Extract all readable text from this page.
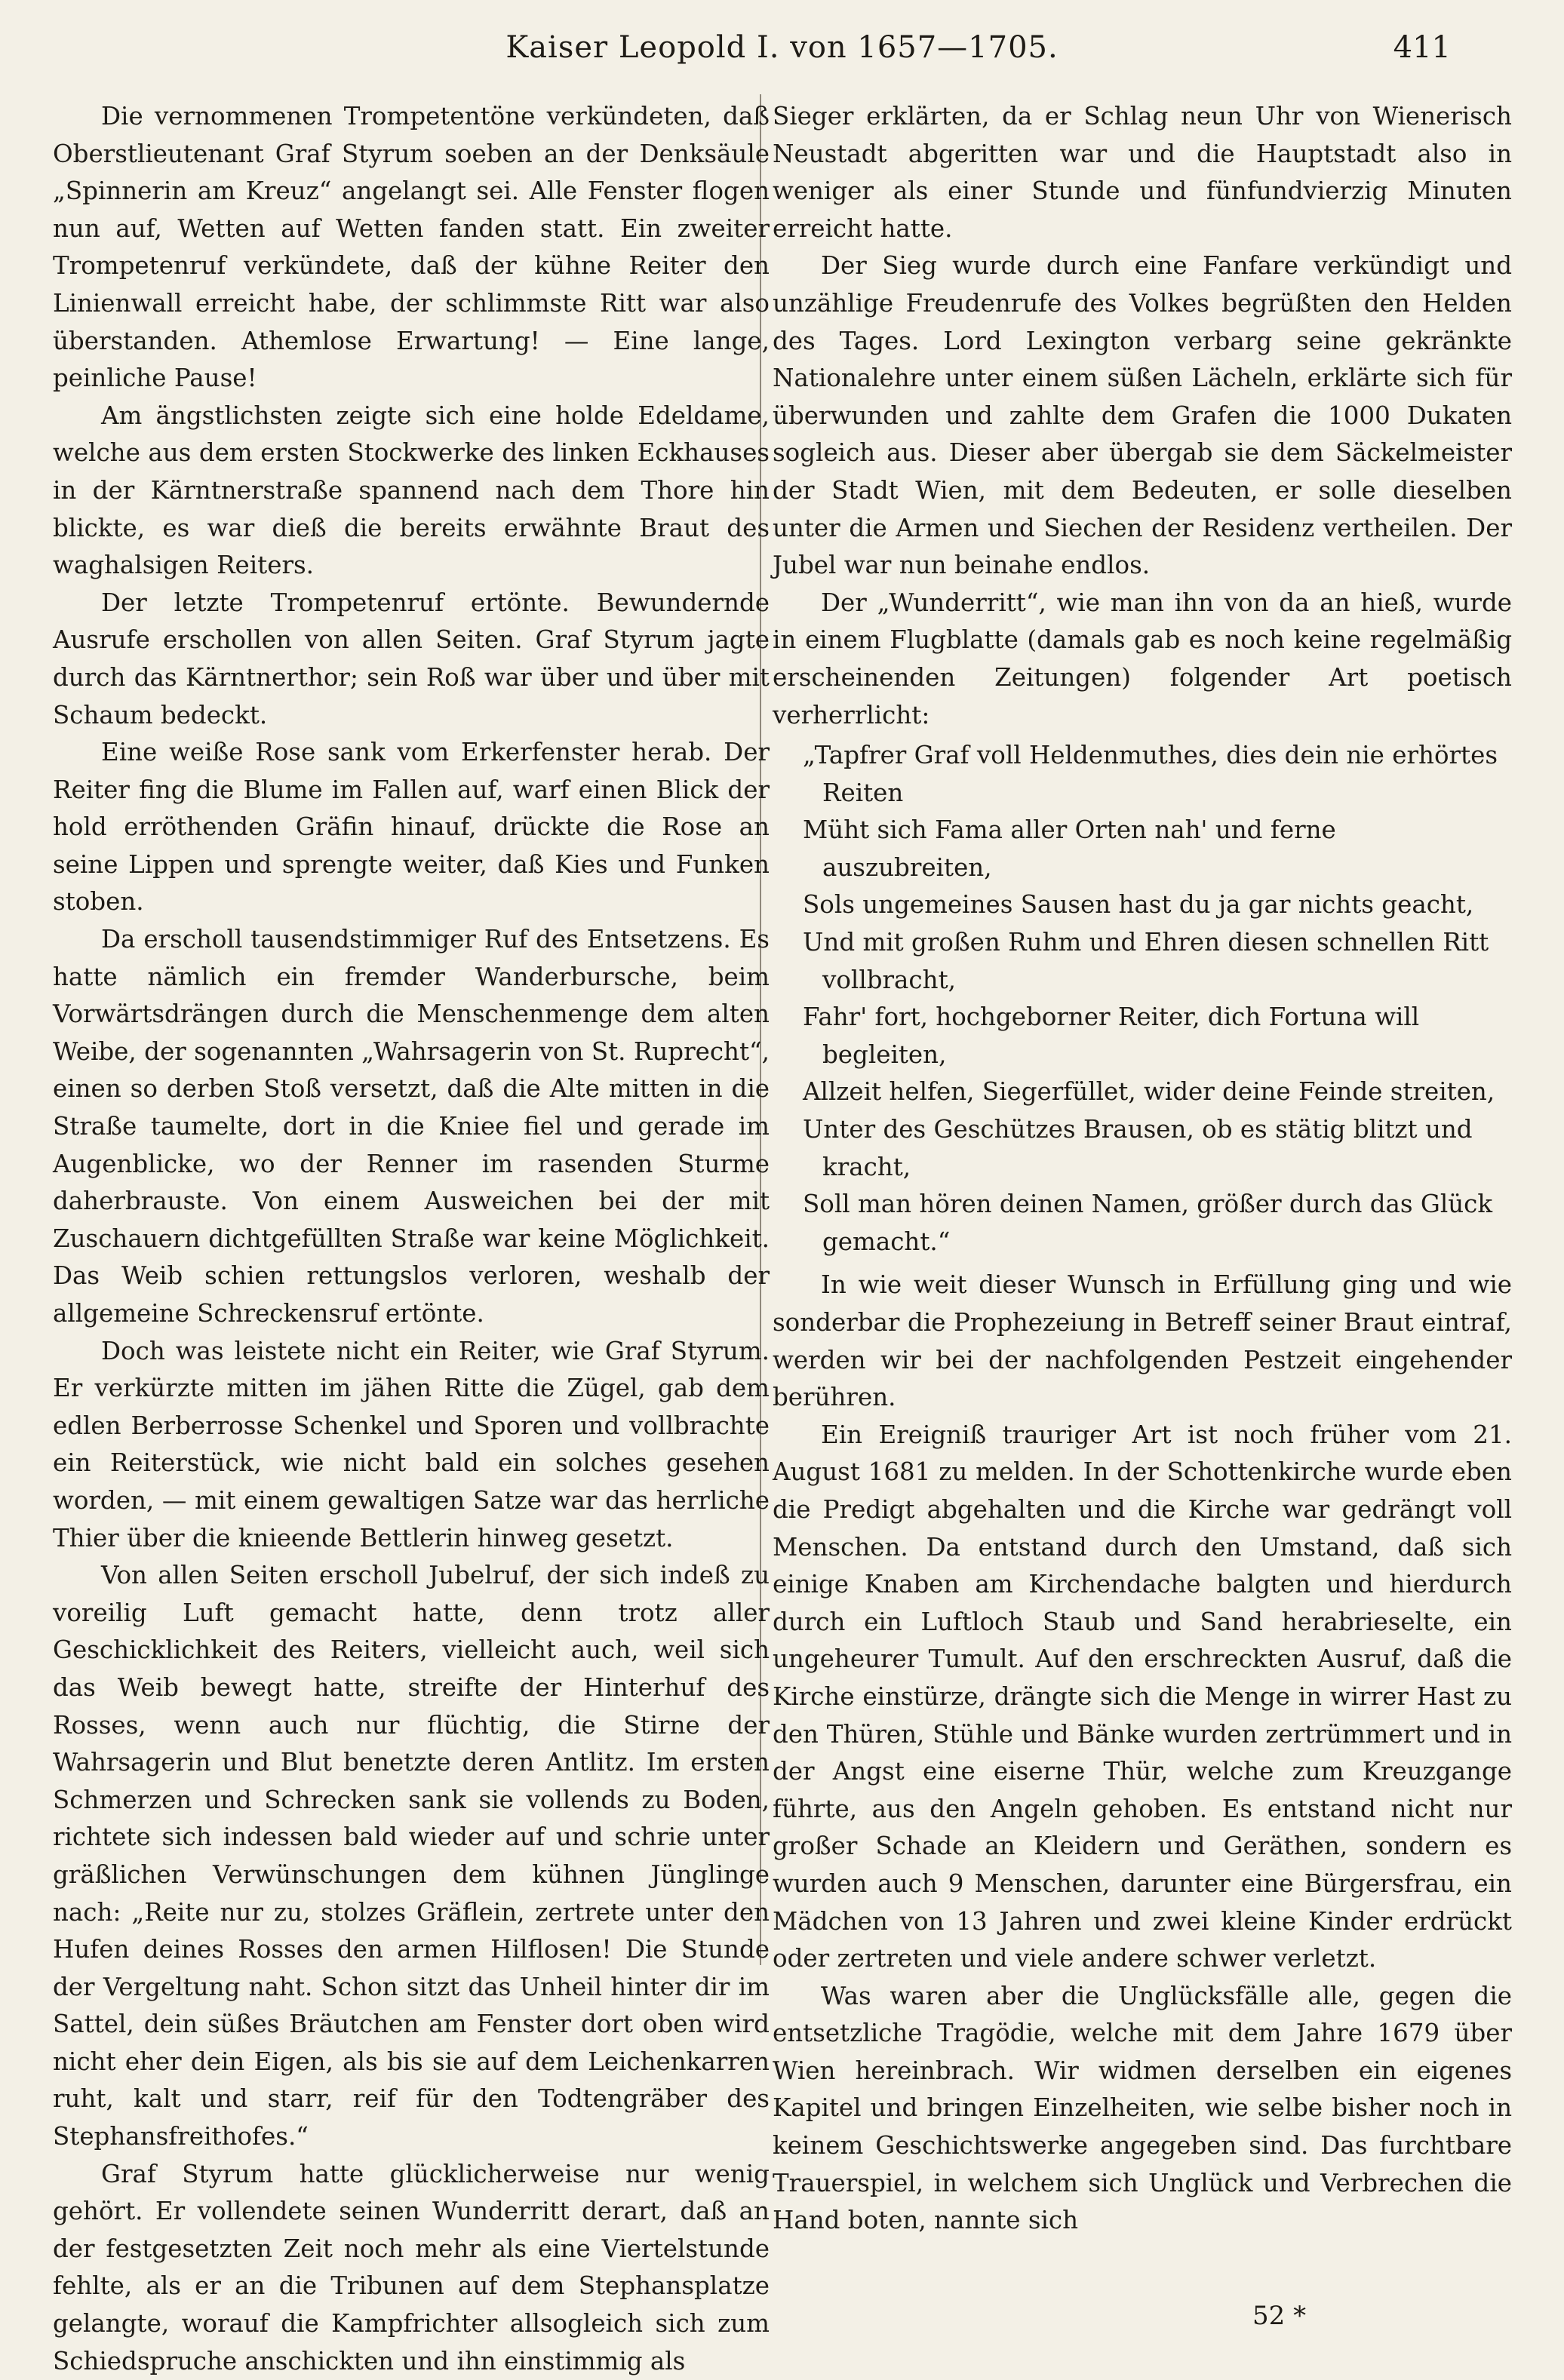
Kaiser Leopold I. von 1657—1705.	411

Die vernommenen Trompetentöne verkündeten, daß Oberstlieutenant Graf Styrum soeben an der Denksäule „Spinnerin am Kreuz“ angelangt sei. Alle Fenster flogen nun auf, Wetten auf Wetten fanden statt. Ein zweiter Trompetenruf verkündete, daß der kühne Reiter den Linienwall erreicht habe, der schlimmste Ritt war also überstanden. Athemlose Erwartung! — Eine lange, peinliche Pause!

Am ängstlichsten zeigte sich eine holde Edeldame, welche aus dem ersten Stockwerke des linken Eckhauses in der Kärntnerstraße spannend nach dem Thore hin blickte, es war dieß die bereits erwähnte Braut des waghalsigen Reiters.

Der letzte Trompetenruf ertönte. Bewundernde Ausrufe erschollen von allen Seiten. Graf Styrum jagte durch das Kärntnerthor; sein Roß war über und über mit Schaum bedeckt.

Eine weiße Rose sank vom Erkerfenster herab. Der Reiter fing die Blume im Fallen auf, warf einen Blick der hold erröthenden Gräfin hinauf, drückte die Rose an seine Lippen und sprengte weiter, daß Kies und Funken stoben.

Da erscholl tausendstimmiger Ruf des Entsetzens. Es hatte nämlich ein fremder Wanderbursche, beim Vorwärtsdrängen durch die Menschenmenge dem alten Weibe, der sogenannten „Wahrsagerin von St. Ruprecht“, einen so derben Stoß versetzt, daß die Alte mitten in die Straße taumelte, dort in die Kniee fiel und gerade im Augenblicke, wo der Renner im rasenden Sturme daherbrauste. Von einem Ausweichen bei der mit Zuschauern dichtgefüllten Straße war keine Möglichkeit. Das Weib schien rettungslos verloren, weshalb der allgemeine Schreckensruf ertönte.

Doch was leistete nicht ein Reiter, wie Graf Styrum. Er verkürzte mitten im jähen Ritte die Zügel, gab dem edlen Berberrosse Schenkel und Sporen und vollbrachte ein Reiterstück, wie nicht bald ein solches gesehen worden, — mit einem gewaltigen Satze war das herrliche Thier über die knieende Bettlerin hinweg gesetzt.

Von allen Seiten erscholl Jubelruf, der sich indeß zu voreilig Luft gemacht hatte, denn trotz aller Geschicklichkeit des Reiters, vielleicht auch, weil sich das Weib bewegt hatte, streifte der Hinterhuf des Rosses, wenn auch nur flüchtig, die Stirne der Wahrsagerin und Blut benetzte deren Antlitz. Im ersten Schmerzen und Schrecken sank sie vollends zu Boden, richtete sich indessen bald wieder auf und schrie unter gräßlichen Verwünschungen dem kühnen Jünglinge nach: „Reite nur zu, stolzes Gräflein, zertrete unter den Hufen deines Rosses den armen Hilflosen! Die Stunde der Vergeltung naht. Schon sitzt das Unheil hinter dir im Sattel, dein süßes Bräutchen am Fenster dort oben wird nicht eher dein Eigen, als bis sie auf dem Leichenkarren ruht, kalt und starr, reif für den Todtengräber des Stephansfreithofes.“

Graf Styrum hatte glücklicherweise nur wenig gehört. Er vollendete seinen Wunderritt derart, daß an der festgesetzten Zeit noch mehr als eine Viertelstunde fehlte, als er an die Tribunen auf dem Stephansplatze gelangte, worauf die Kampfrichter allsogleich sich zum Schiedspruche anschickten und ihn einstimmig als

Sieger erklärten, da er Schlag neun Uhr von Wienerisch Neustadt abgeritten war und die Hauptstadt also in weniger als einer Stunde und fünfundvierzig Minuten erreicht hatte.

Der Sieg wurde durch eine Fanfare verkündigt und unzählige Freudenrufe des Volkes begrüßten den Helden des Tages. Lord Lexington verbarg seine gekränkte Nationalehre unter einem süßen Lächeln, erklärte sich für überwunden und zahlte dem Grafen die 1000 Dukaten sogleich aus. Dieser aber übergab sie dem Säckelmeister der Stadt Wien, mit dem Bedeuten, er solle dieselben unter die Armen und Siechen der Residenz vertheilen. Der Jubel war nun beinahe endlos.

Der „Wunderritt“, wie man ihn von da an hieß, wurde in einem Flugblatte (damals gab es noch keine regelmäßig erscheinenden Zeitungen) folgender Art poetisch verherrlicht:

„Tapfrer Graf voll Heldenmuthes, dies dein nie erhörtes Reiten

Müht sich Fama aller Orten nah' und ferne auszubreiten,

Sols ungemeines Sausen hast du ja gar nichts geacht,

Und mit großen Ruhm und Ehren diesen schnellen Ritt vollbracht,

Fahr' fort, hochgeborner Reiter, dich Fortuna will begleiten,

Allzeit helfen, Siegerfüllet, wider deine Feinde streiten,

Unter des Geschützes Brausen, ob es stätig blitzt und kracht,

Soll man hören deinen Namen, größer durch das Glück gemacht.“

In wie weit dieser Wunsch in Erfüllung ging und wie sonderbar die Prophezeiung in Betreff seiner Braut eintraf, werden wir bei der nachfolgenden Pestzeit eingehender berühren.

Ein Ereigniß trauriger Art ist noch früher vom 21. August 1681 zu melden. In der Schottenkirche wurde eben die Predigt abgehalten und die Kirche war gedrängt voll Menschen. Da entstand durch den Umstand, daß sich einige Knaben am Kirchendache balgten und hierdurch durch ein Luftloch Staub und Sand herabrieselte, ein ungeheurer Tumult. Auf den erschreckten Ausruf, daß die Kirche einstürze, drängte sich die Menge in wirrer Hast zu den Thüren, Stühle und Bänke wurden zertrümmert und in der Angst eine eiserne Thür, welche zum Kreuzgange führte, aus den Angeln gehoben. Es entstand nicht nur großer Schade an Kleidern und Geräthen, sondern es wurden auch 9 Menschen, darunter eine Bürgersfrau, ein Mädchen von 13 Jahren und zwei kleine Kinder erdrückt oder zertreten und viele andere schwer verletzt.

Was waren aber die Unglücksfälle alle, gegen die entsetzliche Tragödie, welche mit dem Jahre 1679 über Wien hereinbrach. Wir widmen derselben ein eigenes Kapitel und bringen Einzelheiten, wie selbe bisher noch in keinem Geschichtswerke angegeben sind. Das furchtbare Trauerspiel, in welchem sich Unglück und Verbrechen die Hand boten, nannte sich

52 *
